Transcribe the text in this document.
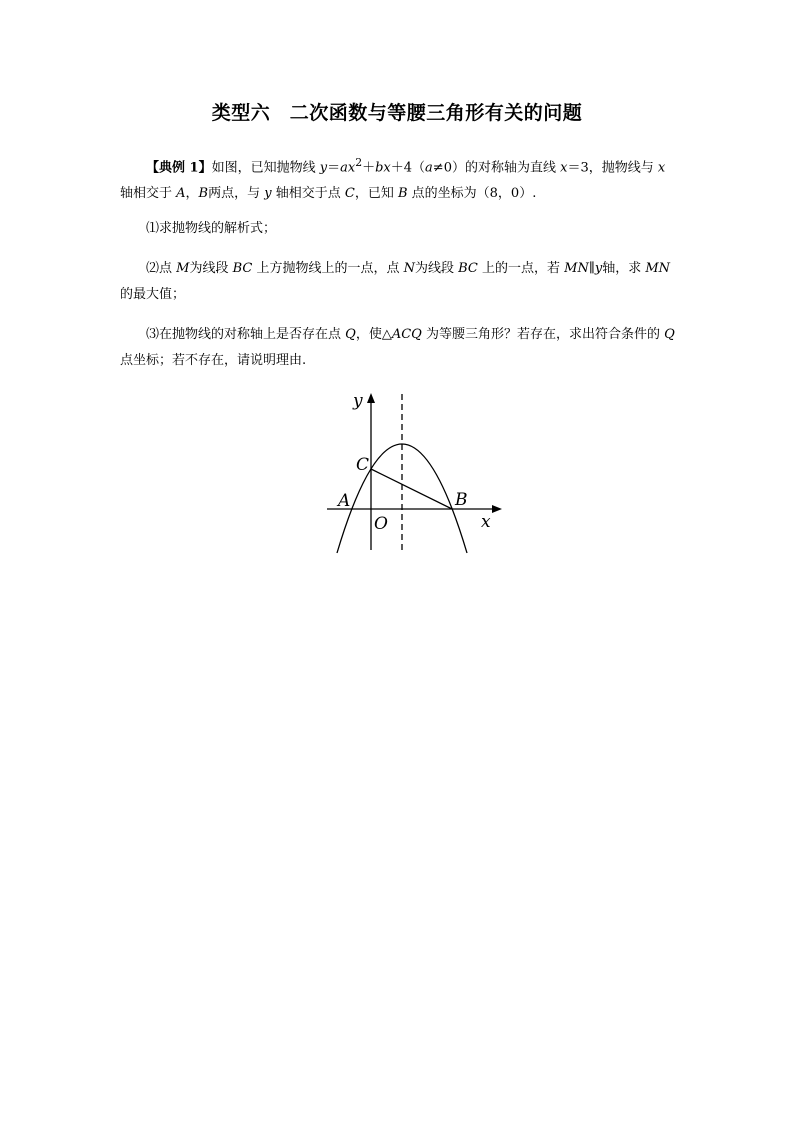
类型六　二次函数与等腰三角形有关的问题
【典例 1】如图，已知抛物线 $y=ax^2+bx+4(a\ne 0)$的对称轴为直线 x＝3，抛物线与 x 轴相交于 A，B两点，与 y 轴相交于点 C，已知 B 点的坐标为（8，0）.
⑴求抛物线的解析式；
⑵点 M为线段 BC 上方抛物线上的一点，点 N为线段 BC 上的一点，若 MN∥y轴，求 MN 的最大值；
⑶在抛物线的对称轴上是否存在点 Q，使△ACQ 为等腰三角形？若存在，求出符合条件的 Q 点坐标；若不存在，请说明理由.
y
x
C
A	B
O
